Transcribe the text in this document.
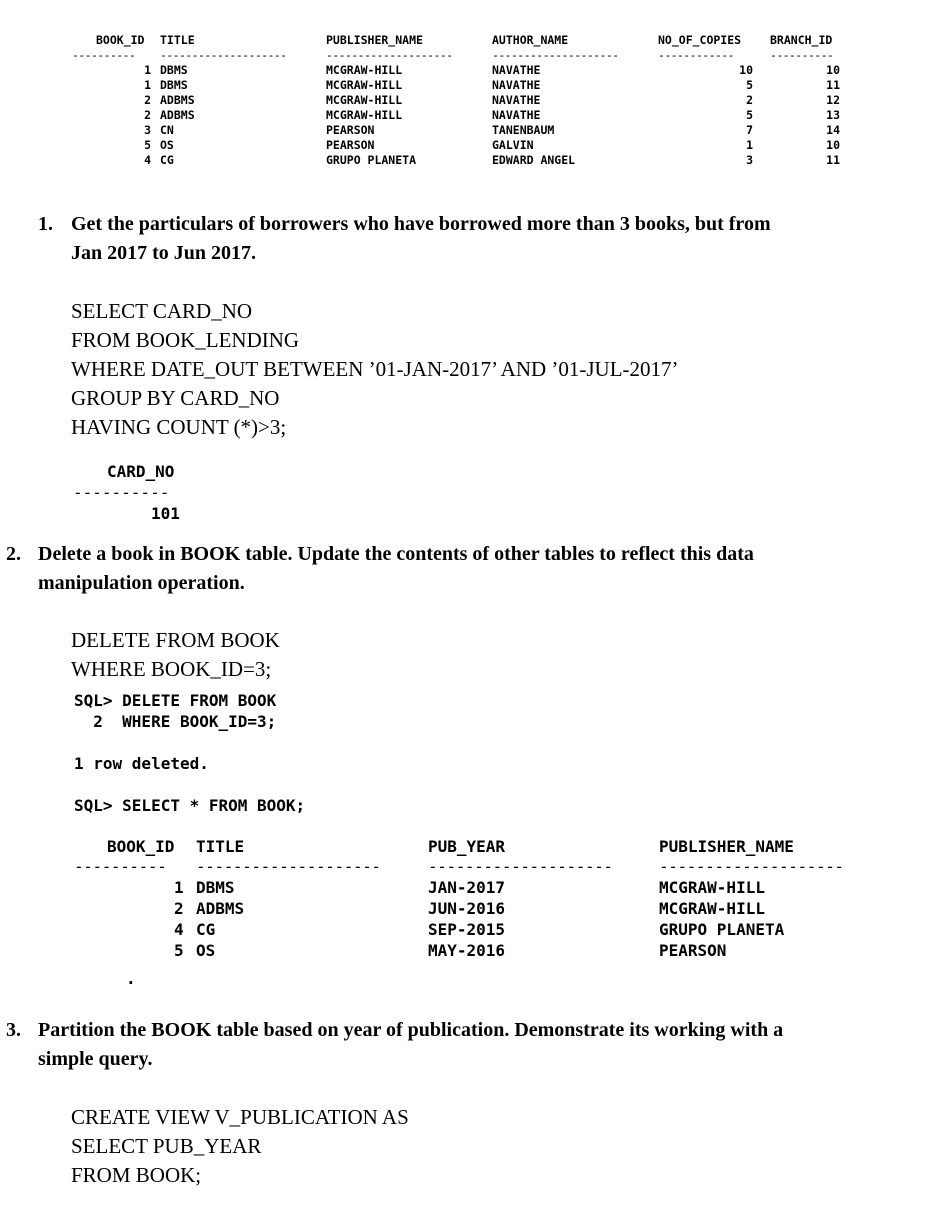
BOOK_ID TITLE	PUBLISHER_NAME	AUTHOR_NAME	NO_OF_COPIES	BRANCH_ID
---------- --------------------	--------------------	--------------------	------------	----------
1 DBMS	MCGRAW-HILL	NAVATHE	10	10
1 DBMS	MCGRAW-HILL	NAVATHE	5	11
2 ADBMS	MCGRAW-HILL	NAVATHE	2	12
2 ADBMS	MCGRAW-HILL	NAVATHE	5	13
3 CN	PEARSON	TANENBAUM	7	14
5 OS	PEARSON	GALVIN	1	10
4 CG	GRUPO PLANETA	EDWARD ANGEL	3	11
1. Get the particulars of borrowers who have borrowed more than 3 books, but from
Jan 2017 to Jun 2017.
SELECT CARD_NO
FROM BOOK_LENDING
WHERE DATE_OUT BETWEEN ’01-JAN-2017’ AND ’01-JUL-2017’
GROUP BY CARD_NO
HAVING COUNT (*)>3;
CARD_NO
----------
101
2. Delete a book in BOOK table. Update the contents of other tables to reflect this data
manipulation operation.
DELETE FROM BOOK
WHERE BOOK_ID=3;
SQL> DELETE FROM BOOK
2  WHERE BOOK_ID=3;
1 row deleted.
SQL> SELECT * FROM BOOK;
BOOK_ID TITLE	PUB_YEAR	PUBLISHER_NAME
---------- --------------------	--------------------	--------------------
1 DBMS	JAN-2017	MCGRAW-HILL
2 ADBMS	JUN-2016	MCGRAW-HILL
4 CG	SEP-2015	GRUPO PLANETA
5 OS	MAY-2016	PEARSON
.
3. Partition the BOOK table based on year of publication. Demonstrate its working with a
simple query.
CREATE VIEW V_PUBLICATION AS
SELECT PUB_YEAR
FROM BOOK;
